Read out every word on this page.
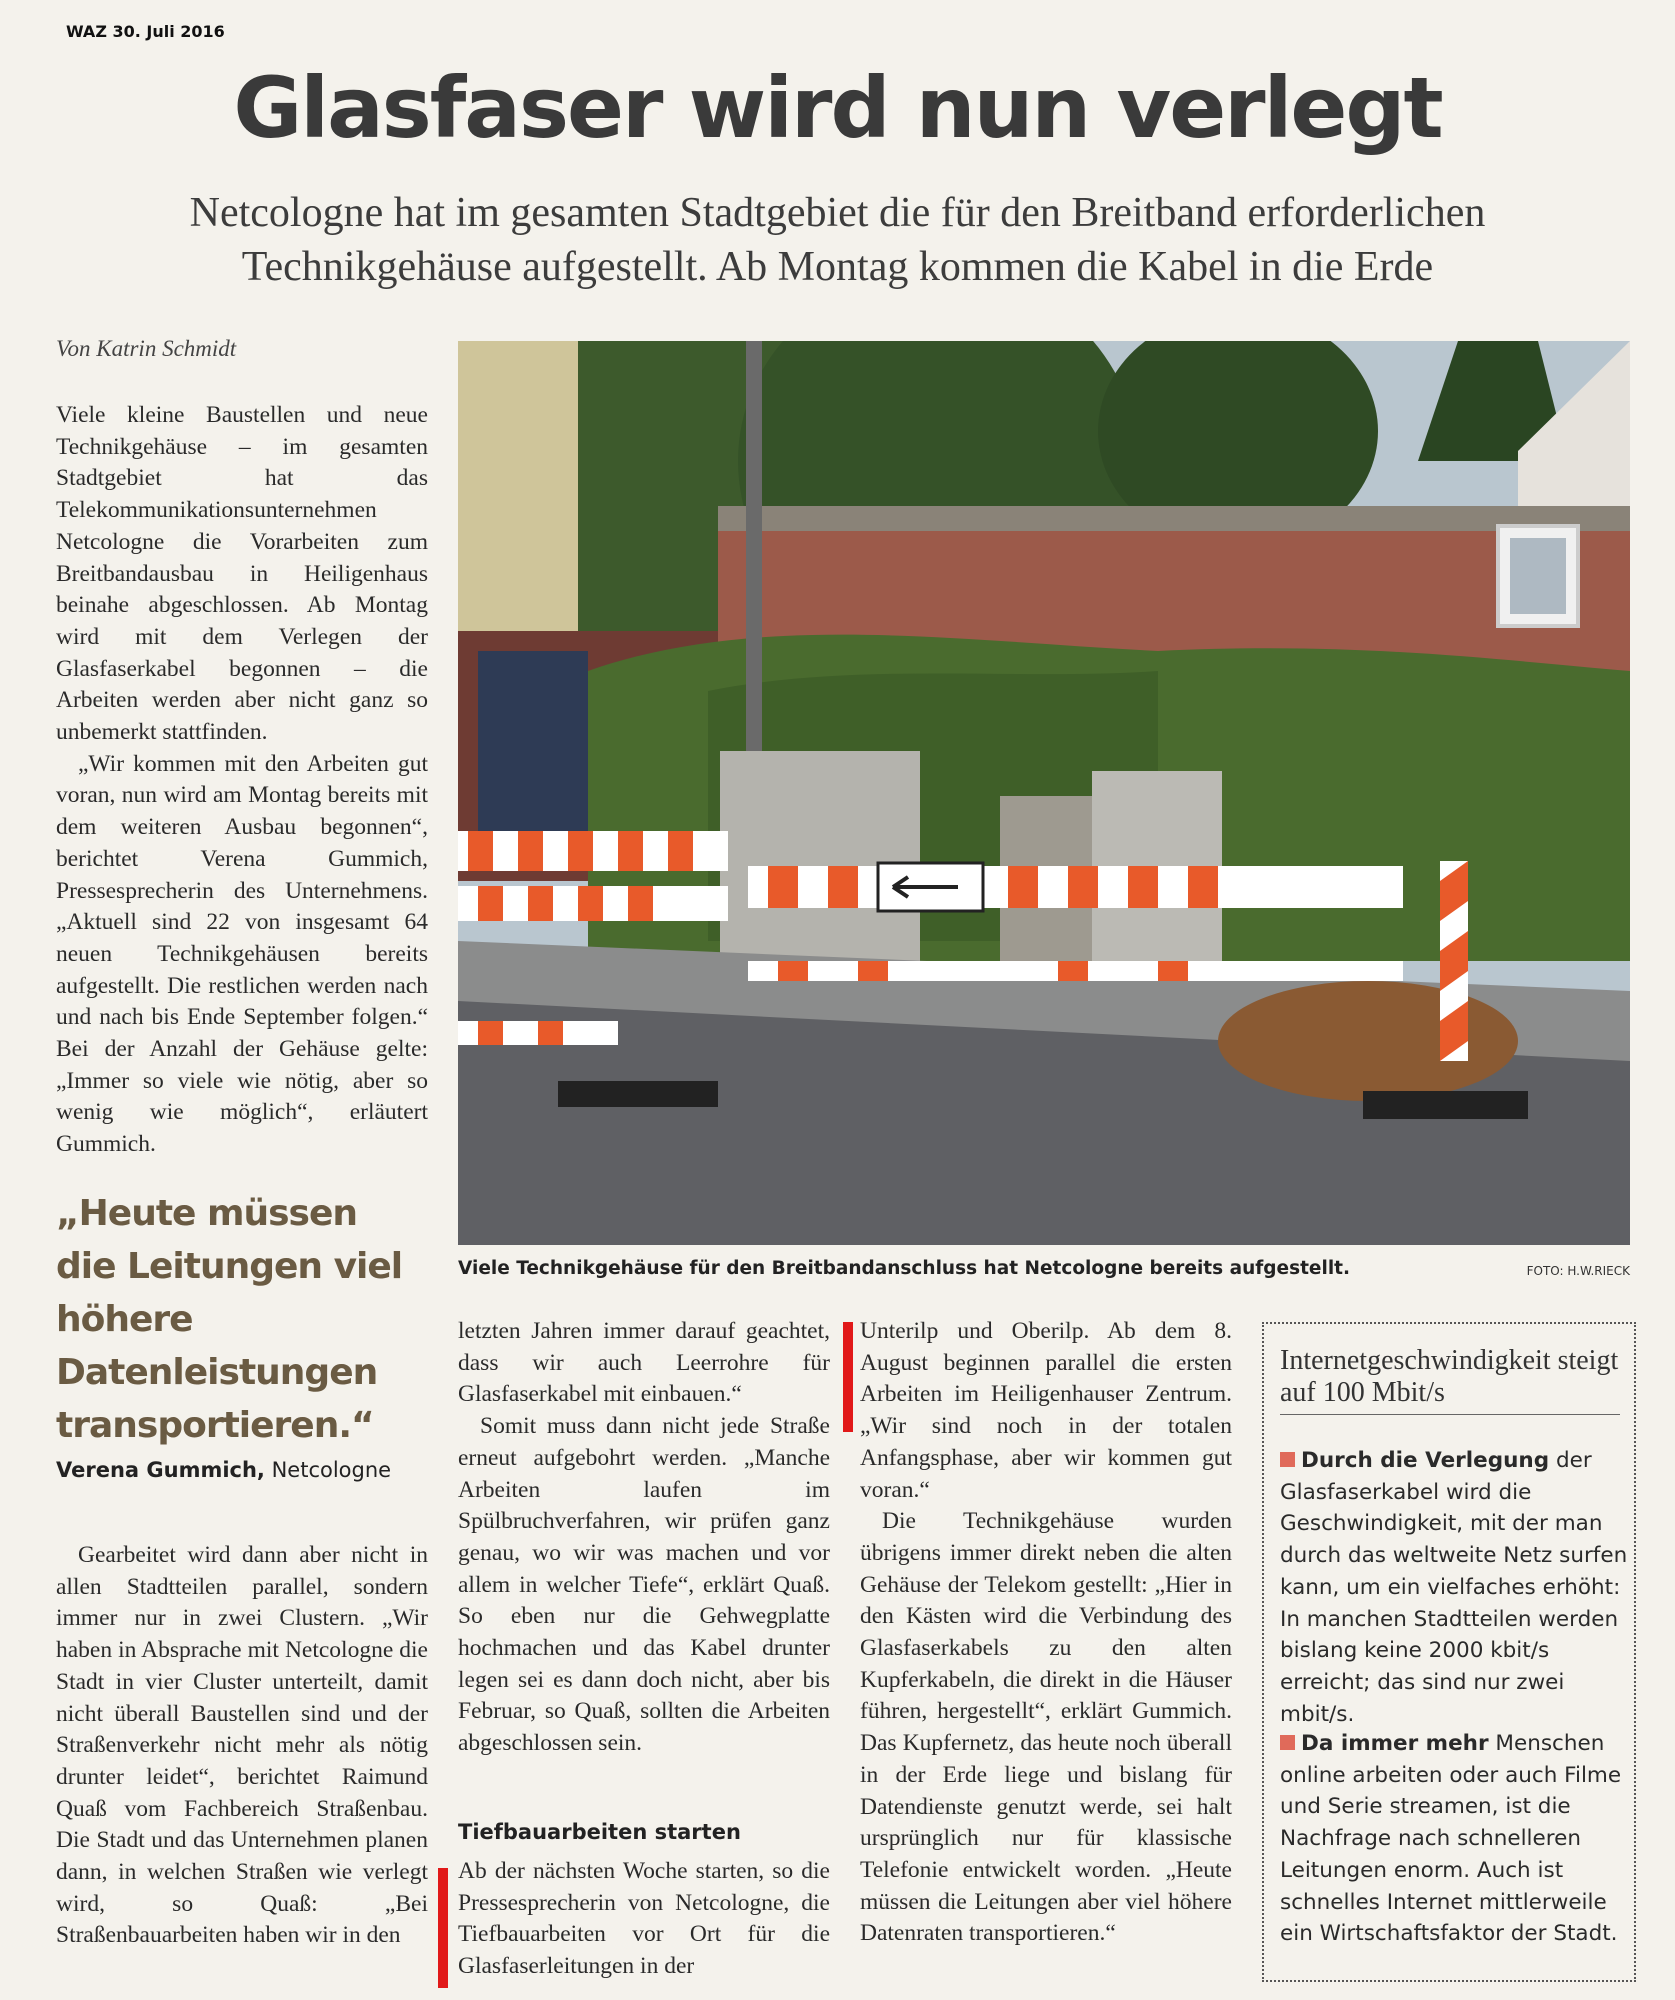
WAZ 30. Juli 2016
Glasfaser wird nun verlegt
Netcologne hat im gesamten Stadtgebiet die für den Breitband erforderlichen
Technikgehäuse aufgestellt. Ab Montag kommen die Kabel in die Erde
Von Katrin Schmidt

Viele kleine Baustellen und neue Technikgehäuse – im gesamten Stadtgebiet hat das Telekommunikationsunternehmen Netcologne die Vorarbeiten zum Breitbandausbau in Heiligenhaus beinahe abgeschlossen. Ab Montag wird mit dem Verlegen der Glasfaserkabel begonnen – die Arbeiten werden aber nicht ganz so unbemerkt stattfinden.

„Wir kommen mit den Arbeiten gut voran, nun wird am Montag bereits mit dem weiteren Ausbau begonnen“, berichtet Verena Gummich, Pressesprecherin des Unternehmens. „Aktuell sind 22 von insgesamt 64 neuen Technikgehäusen bereits aufgestellt. Die restlichen werden nach und nach bis Ende September folgen.“ Bei der Anzahl der Gehäuse gelte: „Immer so viele wie nötig, aber so wenig wie möglich“, erläutert Gummich.

„Heute müssen die Leitungen viel höhere Datenleistungen transportieren.“
Verena Gummich, Netcologne

Gearbeitet wird dann aber nicht in allen Stadtteilen parallel, sondern immer nur in zwei Clustern. „Wir haben in Absprache mit Netcologne die Stadt in vier Cluster unterteilt, damit nicht überall Baustellen sind und der Straßenverkehr nicht mehr als nötig drunter leidet“, berichtet Raimund Quaß vom Fachbereich Straßenbau. Die Stadt und das Unternehmen planen dann, in welchen Straßen wie verlegt wird, so Quaß: „Bei Straßenbauarbeiten haben wir in den

Viele Technikgehäuse für den Breitbandanschluss hat Netcologne bereits aufgestellt.	FOTO: H.W.RIECK

letzten Jahren immer darauf geachtet, dass wir auch Leerrohre für Glasfaserkabel mit einbauen.“

Somit muss dann nicht jede Straße erneut aufgebohrt werden. „Manche Arbeiten laufen im Spülbruchverfahren, wir prüfen ganz genau, wo wir was machen und vor allem in welcher Tiefe“, erklärt Quaß. So eben nur die Gehwegplatte hochmachen und das Kabel drunter legen sei es dann doch nicht, aber bis Februar, so Quaß, sollten die Arbeiten abgeschlossen sein.

Tiefbauarbeiten starten

Ab der nächsten Woche starten, so die Pressesprecherin von Netcologne, die Tiefbauarbeiten vor Ort für die Glasfaserleitungen in der

Unterilp und Oberilp. Ab dem 8. August beginnen parallel die ersten Arbeiten im Heiligenhauser Zentrum. „Wir sind noch in der totalen Anfangsphase, aber wir kommen gut voran.“

Die Technikgehäuse wurden übrigens immer direkt neben die alten Gehäuse der Telekom gestellt: „Hier in den Kästen wird die Verbindung des Glasfaserkabels zu den alten Kupferkabeln, die direkt in die Häuser führen, hergestellt“, erklärt Gummich. Das Kupfernetz, das heute noch überall in der Erde liege und bislang für Datendienste genutzt werde, sei halt ursprünglich nur für klassische Telefonie entwickelt worden. „Heute müssen die Leitungen aber viel höhere Datenraten transportieren.“

Internetgeschwindigkeit steigt auf 100 Mbit/s
Durch die Verlegung der Glasfaserkabel wird die Geschwindigkeit, mit der man durch das weltweite Netz surfen kann, um ein vielfaches erhöht: In manchen Stadtteilen werden bislang keine 2000 kbit/s erreicht; das sind nur zwei mbit/s.
Da immer mehr Menschen online arbeiten oder auch Filme und Serie streamen, ist die Nachfrage nach schnelleren Leitungen enorm. Auch ist schnelles Internet mittlerweile ein Wirtschaftsfaktor der Stadt.
